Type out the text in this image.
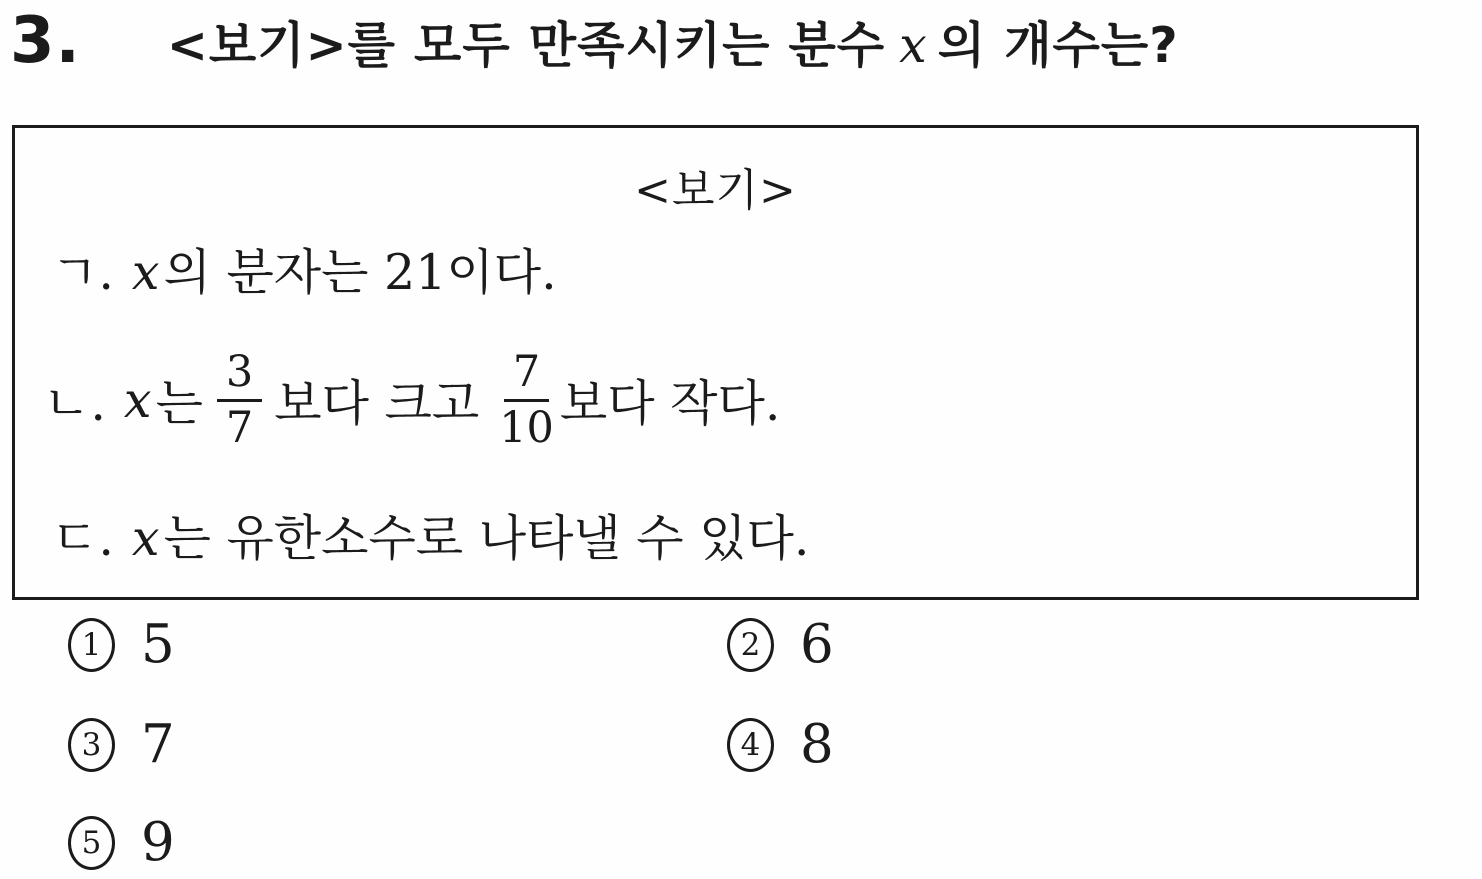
3. <보기>를 모두 만족시키는 분수 x 의 개수는?
<보기>
ㄱ. x의 분자는 21이다.
ㄴ. x 는 $\frac{3}{7}$ 보다 크고 $\frac{7}{10}$ 보다 작다.
ㄷ. x는 유한소수로 나타낼 수 있다.
1 5	2 6
3 7	4 8
5 9
